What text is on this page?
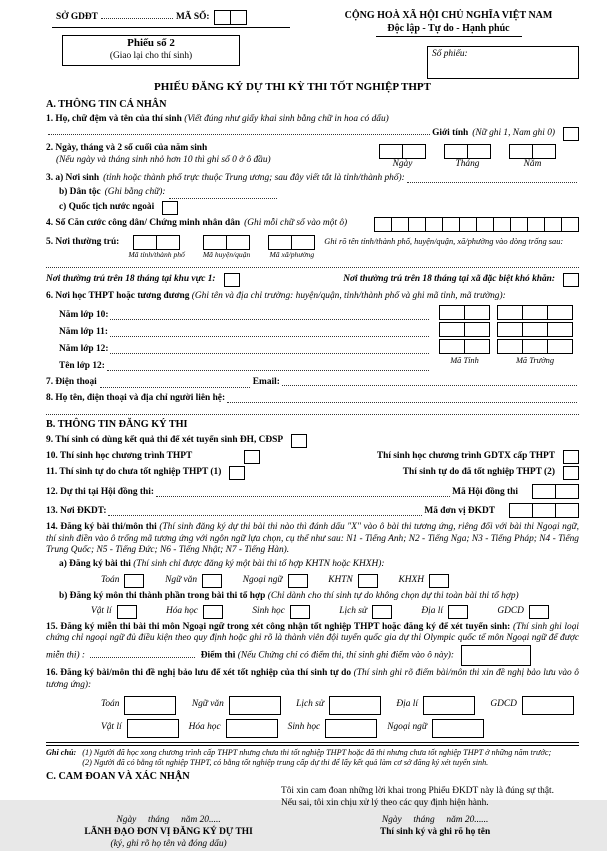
SỞ GDĐT	MÃ SỐ:
Phiếu số 2
(Giao lại cho thí sinh)
CỘNG HOÀ XÃ HỘI CHỦ NGHĨA VIỆT NAM
Độc lập - Tự do - Hạnh phúc
Số phiếu:
PHIẾU ĐĂNG KÝ DỰ THI KỲ THI TỐT NGHIỆP THPT
A. THÔNG TIN CÁ NHÂN

1. Họ, chữ đệm và tên của thí sinh (Viết đúng như giấy khai sinh bằng chữ in hoa có dấu)

Giới tính (Nữ ghi 1, Nam ghi 0)
2. Ngày, tháng và 2 số cuối của năm sinh
(Nếu ngày và tháng sinh nhỏ hơn 10 thì ghi số 0 ở ô đầu)	Ngày	Tháng	Năm
3. a) Nơi sinh (tỉnh hoặc thành phố trực thuộc Trung ương; sau đây viết tắt là tỉnh/thành phố):
b) Dân tộc (Ghi bằng chữ):
c) Quốc tịch nước ngoài
4. Số Căn cước công dân/ Chứng minh nhân dân (Ghi mỗi chữ số vào một ô)
5. Nơi thường trú:
Mã tỉnh/thành phố Mã huyện/quận	Mã xã/phường
Ghi rõ tên tỉnh/thành phố, huyện/quận, xã/phường vào dòng trống sau:
Nơi thường trú trên 18 tháng tại khu vực 1:	Nơi thường trú trên 18 tháng tại xã đặc biệt khó khăn:

6. Nơi học THPT hoặc tương đương (Ghi tên và địa chỉ trường: huyện/quận, tỉnh/thành phố và ghi mã tỉnh, mã trường):

Năm lớp 10:
Năm lớp 11:
Năm lớp 12:
Tên lớp 12:
Mã Tỉnh	Mã Trường
7. Điện thoại	Email:
8. Họ tên, điện thoại và địa chỉ người liên hệ:
B. THÔNG TIN ĐĂNG KÝ THI
9. Thí sinh có dùng kết quả thi để xét tuyển sinh ĐH, CĐSP
10. Thí sinh học chương trình THPT	Thí sinh học chương trình GDTX cấp THPT
11. Thí sinh tự do chưa tốt nghiệp THPT (1)	Thí sinh tự do đã tốt nghiệp THPT (2)
12. Dự thi tại Hội đồng thi:	Mã Hội đồng thi
13. Nơi ĐKDT:	Mã đơn vị ĐKDT

14. Đăng ký bài thi/môn thi (Thí sinh đăng ký dự thi bài thi nào thì đánh dấu "X" vào ô bài thi tương ứng, riêng đối với bài thi Ngoại ngữ, thí sinh điền vào ô trống mã tương ứng với ngôn ngữ lựa chọn, cụ thể như sau: N1 - Tiếng Anh; N2 - Tiếng Nga; N3 - Tiếng Pháp; N4 - Tiếng Trung Quốc; N5 - Tiếng Đức; N6 - Tiếng Nhật; N7 - Tiếng Hàn).

a) Đăng ký bài thi (Thí sinh chỉ được đăng ký một bài thi tổ hợp KHTN hoặc KHXH):

Toán	Ngữ văn	Ngoại ngữ	KHTN	KHXH

b) Đăng ký môn thi thành phần trong bài thi tổ hợp (Chỉ dành cho thí sinh tự do không chọn dự thi toàn bài thi tổ hợp)

Vật lí	Hóa học	Sinh học	Lịch sử	Địa lí	GDCD

15. Đăng ký miễn thi bài thi môn Ngoại ngữ trong xét công nhận tốt nghiệp THPT hoặc đăng ký để xét tuyển sinh: (Thí sinh ghi loại chứng chỉ ngoại ngữ đủ điều kiện theo quy định hoặc ghi rõ là thành viên đội tuyển quốc gia dự thi Olympic quốc tế môn Ngoại ngữ để được miễn thi) :	Điểm thi (Nếu Chứng chỉ có điểm thi, thí sinh ghi điểm vào ô này):

16. Đăng ký bài/môn thi đề nghị bảo lưu để xét tốt nghiệp của thí sinh tự do (Thí sinh ghi rõ điểm bài/môn thi xin đề nghị bảo lưu vào ô tương ứng):

Toán	Ngữ văn	Lịch sử	Địa lí	GDCD
Vật lí	Hóa học	Sinh học	Ngoại ngữ
Ghi chú: (1) Người đã học xong chương trình cấp THPT nhưng chưa thi tốt nghiệp THPT hoặc đã thi nhưng chưa tốt nghiệp THPT ở những năm trước;
(2) Người đã có bằng tốt nghiệp THPT, có bằng tốt nghiệp trung cấp dự thi để lấy kết quả làm cơ sở đăng ký xét tuyển sinh.
C. CAM ĐOAN VÀ XÁC NHẬN
Tôi xin cam đoan những lời khai trong Phiếu ĐKDT này là đúng sự thật.
Nếu sai, tôi xin chịu xử lý theo các quy định hiện hành.
Ngày     tháng     năm 20.....
LÃNH ĐẠO ĐƠN VỊ ĐĂNG KÝ DỰ THI
(ký, ghi rõ họ tên và đóng dấu)
Ngày     tháng     năm 20......
Thí sinh ký và ghi rõ họ tên
